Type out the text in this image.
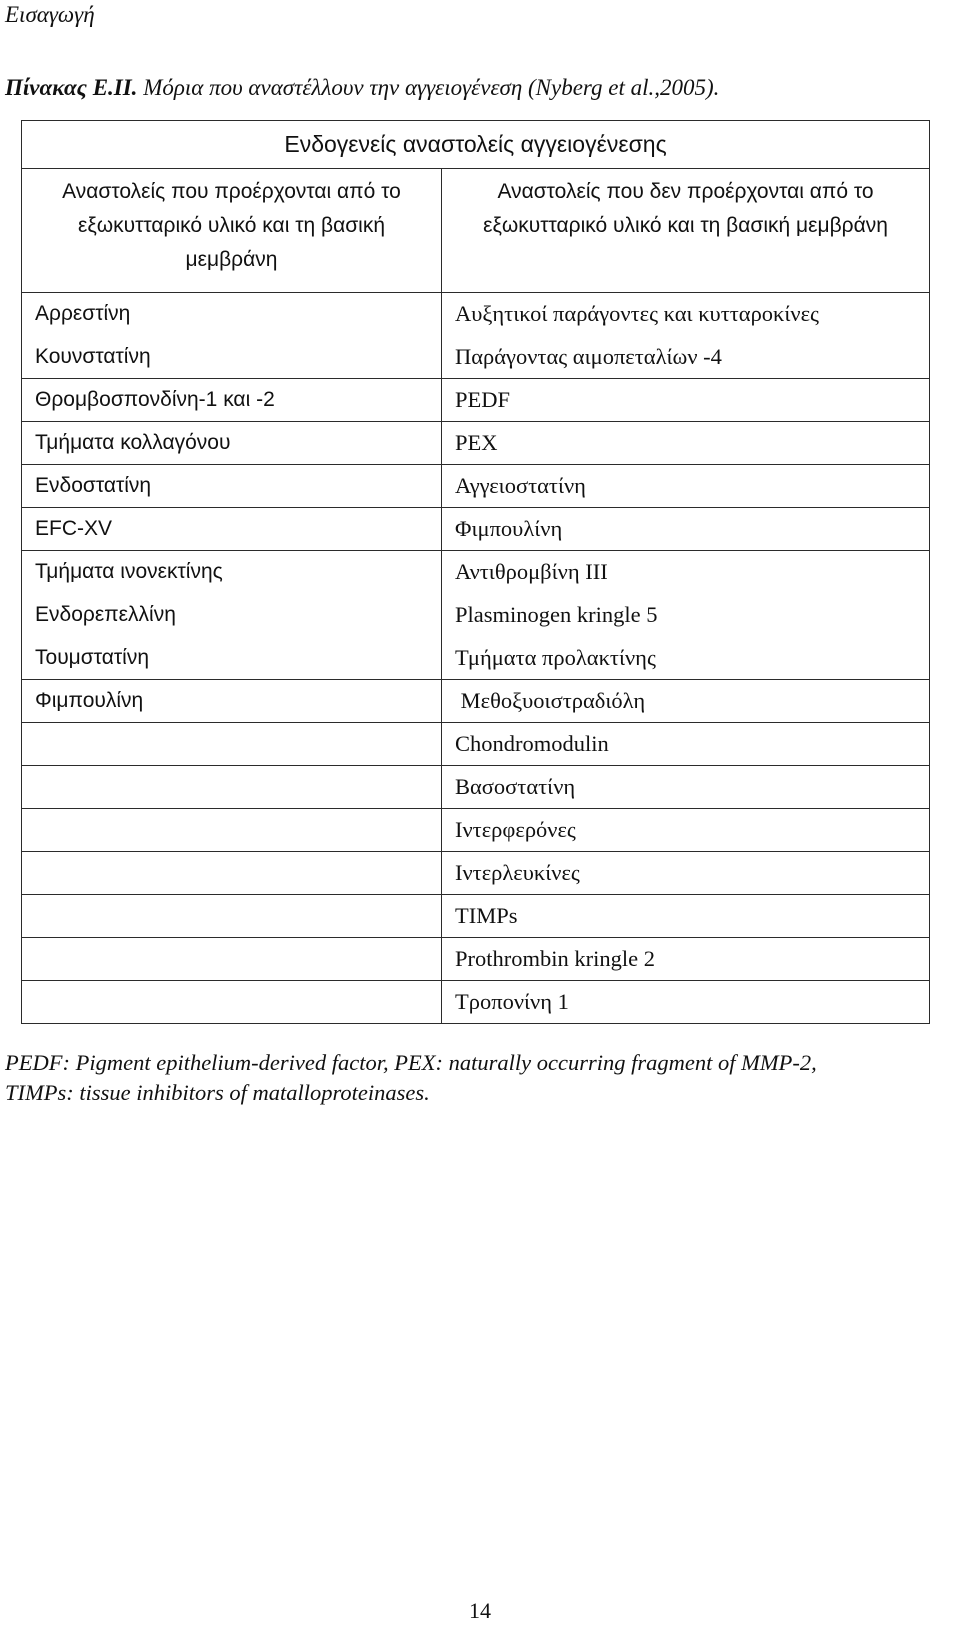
Εισαγωγή
Πίνακας Ε.ΙΙ. Μόρια που αναστέλλουν την αγγειογένεση (Nyberg et al.,2005).
Ενδογενείς αναστολείς αγγειογένεσης	
Αναστολείς που προέρχονται από το εξωκυτταρικό υλικό και τη βασική μεμβράνη	Αναστολείς που δεν προέρχονται από το εξωκυτταρικό υλικό και τη βασική μεμβράνη
Αρρεστίνη	Αυξητικοί παράγοντες και κυτταροκίνες
Κουνστατίνη	Παράγοντας αιμοπεταλίων -4
Θρομβοσπονδίνη-1 και -2	PEDF
Τμήματα κολλαγόνου	PEX
Ενδοστατίνη	Αγγειοστατίνη
EFC-XV	Φιμπουλίνη
Τμήματα ινονεκτίνης	Αντιθρομβίνη ΙΙΙ
Ενδορεπελλίνη	Plasminogen kringle 5
Τουμστατίνη	Τμήματα προλακτίνης
Φιμπουλίνη	Μεθοξυοιστραδιόλη
	Chondromodulin
	Βασοστατίνη
	Ιντερφερόνες
	Ιντερλευκίνες
	TIMPs
	Prothrombin kringle 2
	Τροπονίνη 1
PEDF: Pigment epithelium-derived factor, PEX: naturally occurring fragment of MMP-2,
TIMPs: tissue inhibitors of matalloproteinases.
14
